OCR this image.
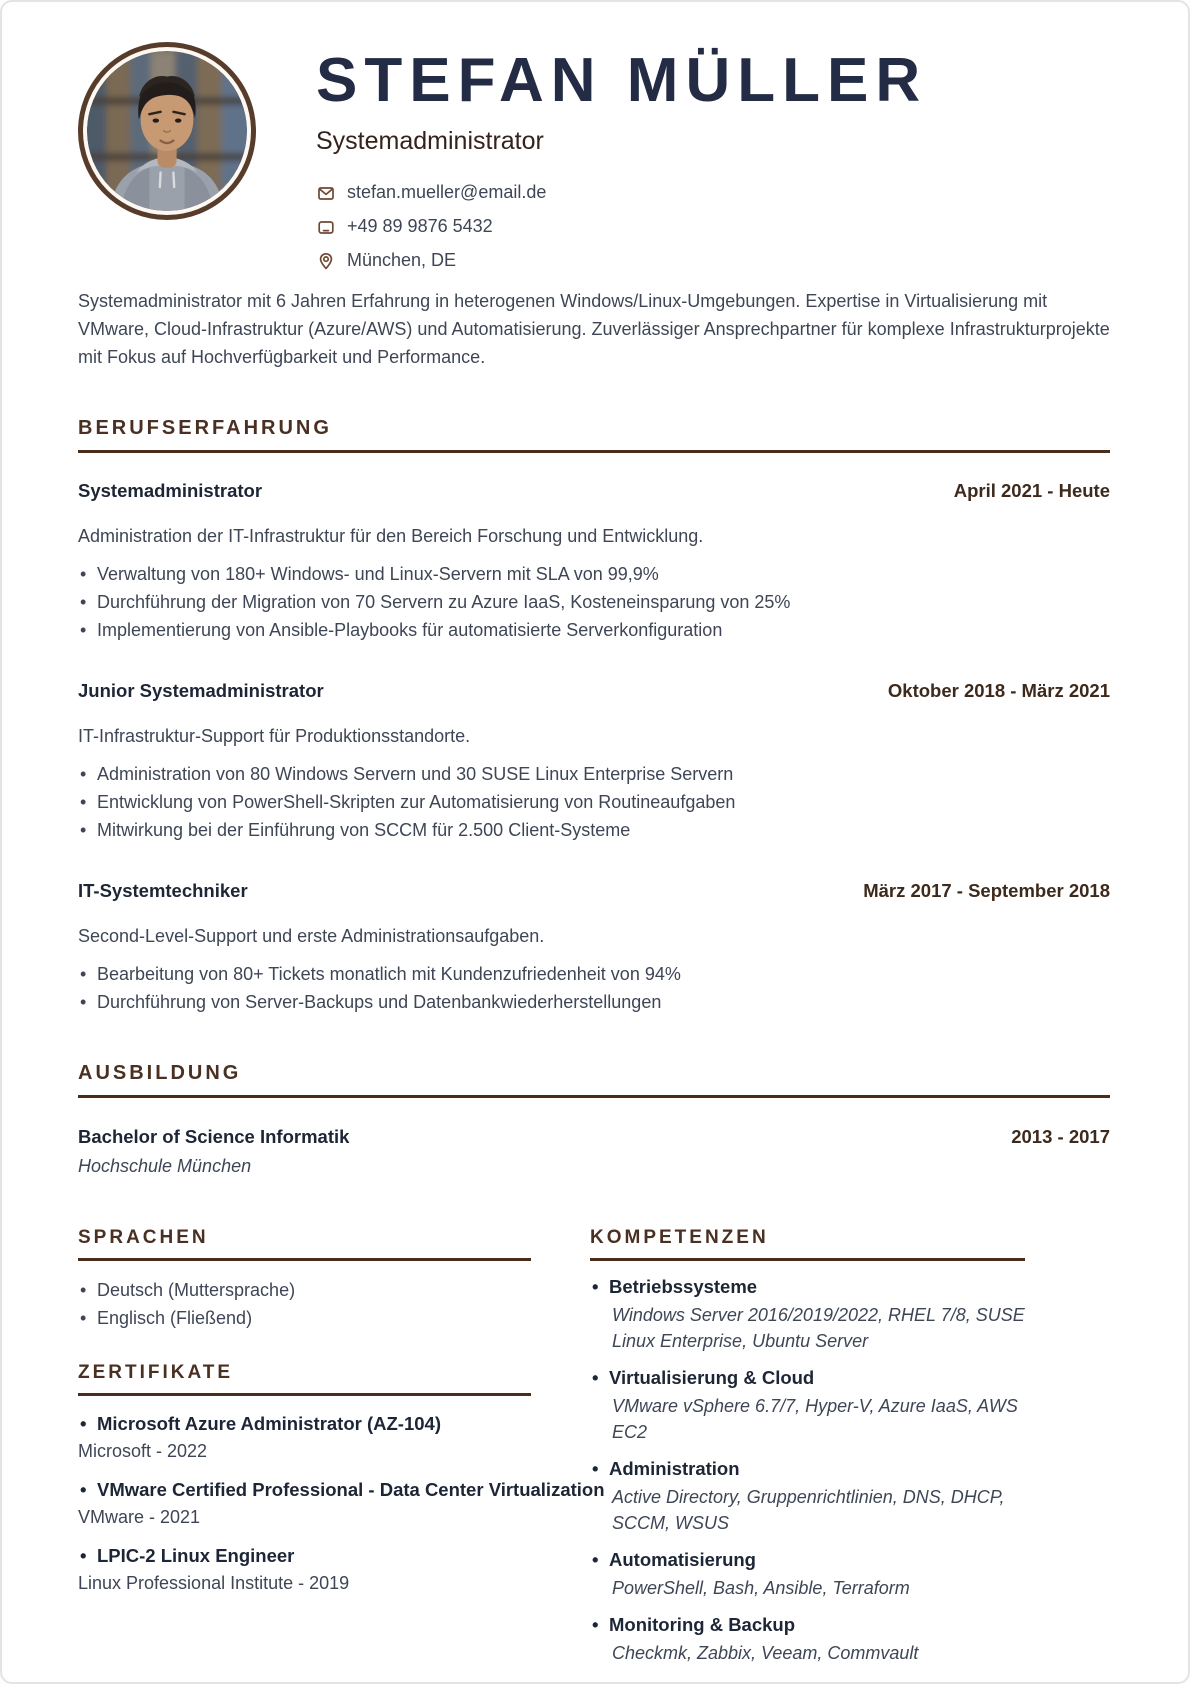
STEFAN MÜLLER
Systemadministrator
stefan.mueller@email.de
+49 89 9876 5432
München, DE

Systemadministrator mit 6 Jahren Erfahrung in heterogenen Windows/Linux-Umgebungen. Expertise in Virtualisierung mit VMware, Cloud-Infrastruktur (Azure/AWS) und Automatisierung. Zuverlässiger Ansprechpartner für komplexe Infrastrukturprojekte mit Fokus auf Hochverfügbarkeit und Performance.

BERUFSERFAHRUNG
Systemadministrator	April 2021 - Heute

Administration der IT-Infrastruktur für den Bereich Forschung und Entwicklung.

• Verwaltung von 180+ Windows- und Linux-Servern mit SLA von 99,9%
• Durchführung der Migration von 70 Servern zu Azure IaaS, Kosteneinsparung von 25%
• Implementierung von Ansible-Playbooks für automatisierte Serverkonfiguration
Junior Systemadministrator	Oktober 2018 - März 2021

IT-Infrastruktur-Support für Produktionsstandorte.

• Administration von 80 Windows Servern und 30 SUSE Linux Enterprise Servern
• Entwicklung von PowerShell-Skripten zur Automatisierung von Routineaufgaben
• Mitwirkung bei der Einführung von SCCM für 2.500 Client-Systeme
IT-Systemtechniker	März 2017 - September 2018

Second-Level-Support und erste Administrationsaufgaben.

• Bearbeitung von 80+ Tickets monatlich mit Kundenzufriedenheit von 94%
• Durchführung von Server-Backups und Datenbankwiederherstellungen
AUSBILDUNG
Bachelor of Science Informatik	2013 - 2017
Hochschule München
SPRACHEN
• Deutsch (Muttersprache)
• Englisch (Fließend)
ZERTIFIKATE
• Microsoft Azure Administrator (AZ-104)
Microsoft - 2022
• VMware Certified Professional - Data Center Virtualization
VMware - 2021
• LPIC-2 Linux Engineer
Linux Professional Institute - 2019
KOMPETENZEN
• Betriebssysteme
Windows Server 2016/2019/2022, RHEL 7/8, SUSE Linux Enterprise, Ubuntu Server
• Virtualisierung & Cloud
VMware vSphere 6.7/7, Hyper-V, Azure IaaS, AWS EC2
• Administration
Active Directory, Gruppenrichtlinien, DNS, DHCP, SCCM, WSUS
• Automatisierung
PowerShell, Bash, Ansible, Terraform
• Monitoring & Backup
Checkmk, Zabbix, Veeam, Commvault
